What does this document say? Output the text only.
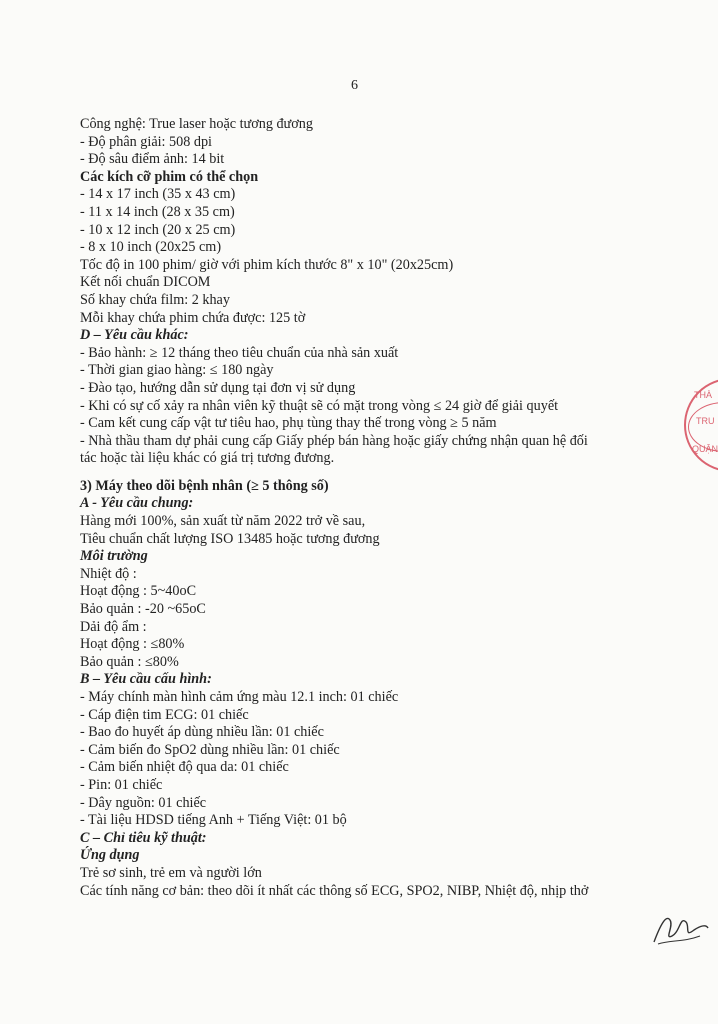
6
Công nghệ: True laser hoặc tương đương
- Độ phân giải: 508 dpi
- Độ sâu điểm ảnh: 14 bit
Các kích cỡ phim có thể chọn
- 14 x 17 inch (35 x 43 cm)
- 11 x 14 inch (28 x 35 cm)
- 10 x 12 inch (20 x 25 cm)
- 8 x 10 inch (20x25 cm)
Tốc độ in 100 phim/ giờ với phim kích thước 8" x 10" (20x25cm)
Kết nối chuẩn DICOM
Số khay chứa film: 2 khay
Mỗi khay chứa phim chứa được: 125 tờ
D – Yêu cầu khác:
- Bảo hành: ≥ 12 tháng theo tiêu chuẩn của nhà sản xuất
- Thời gian giao hàng: ≤ 180 ngày
- Đào tạo, hướng dẫn sử dụng tại đơn vị sử dụng
- Khi có sự cố xảy ra nhân viên kỹ thuật sẽ có mặt trong vòng ≤ 24 giờ để giải quyết
- Cam kết cung cấp vật tư tiêu hao, phụ tùng thay thế trong vòng ≥ 5 năm
- Nhà thầu tham dự phải cung cấp Giấy phép bán hàng hoặc giấy chứng nhận quan hệ đối
tác hoặc tài liệu khác có giá trị tương đương.
3) Máy theo dõi bệnh nhân (≥ 5 thông số)
A - Yêu cầu chung:
Hàng mới 100%, sản xuất từ năm 2022 trở về sau,
Tiêu chuẩn chất lượng ISO 13485 hoặc tương đương
Môi trường
Nhiệt độ :
Hoạt động : 5~40oC
Bảo quản : -20 ~65oC
Dải độ ẩm :
Hoạt động : ≤80%
Bảo quản : ≤80%
B – Yêu cầu cấu hình:
- Máy chính màn hình cảm ứng màu 12.1 inch: 01 chiếc
- Cáp điện tim ECG: 01 chiếc
- Bao đo huyết áp dùng nhiều lần: 01 chiếc
- Cảm biến đo SpO2 dùng nhiều lần: 01 chiếc
- Cảm biến nhiệt độ qua da: 01 chiếc
- Pin: 01 chiếc
- Dây nguồn: 01 chiếc
- Tài liệu HDSD tiếng Anh + Tiếng Việt: 01 bộ
C – Chỉ tiêu kỹ thuật:
Ứng dụng
Trẻ sơ sinh, trẻ em và người lớn
Các tính năng cơ bản: theo dõi ít nhất các thông số ECG, SPO2, NIBP, Nhiệt độ, nhịp thở
THÀ
TRU
QUẬN
